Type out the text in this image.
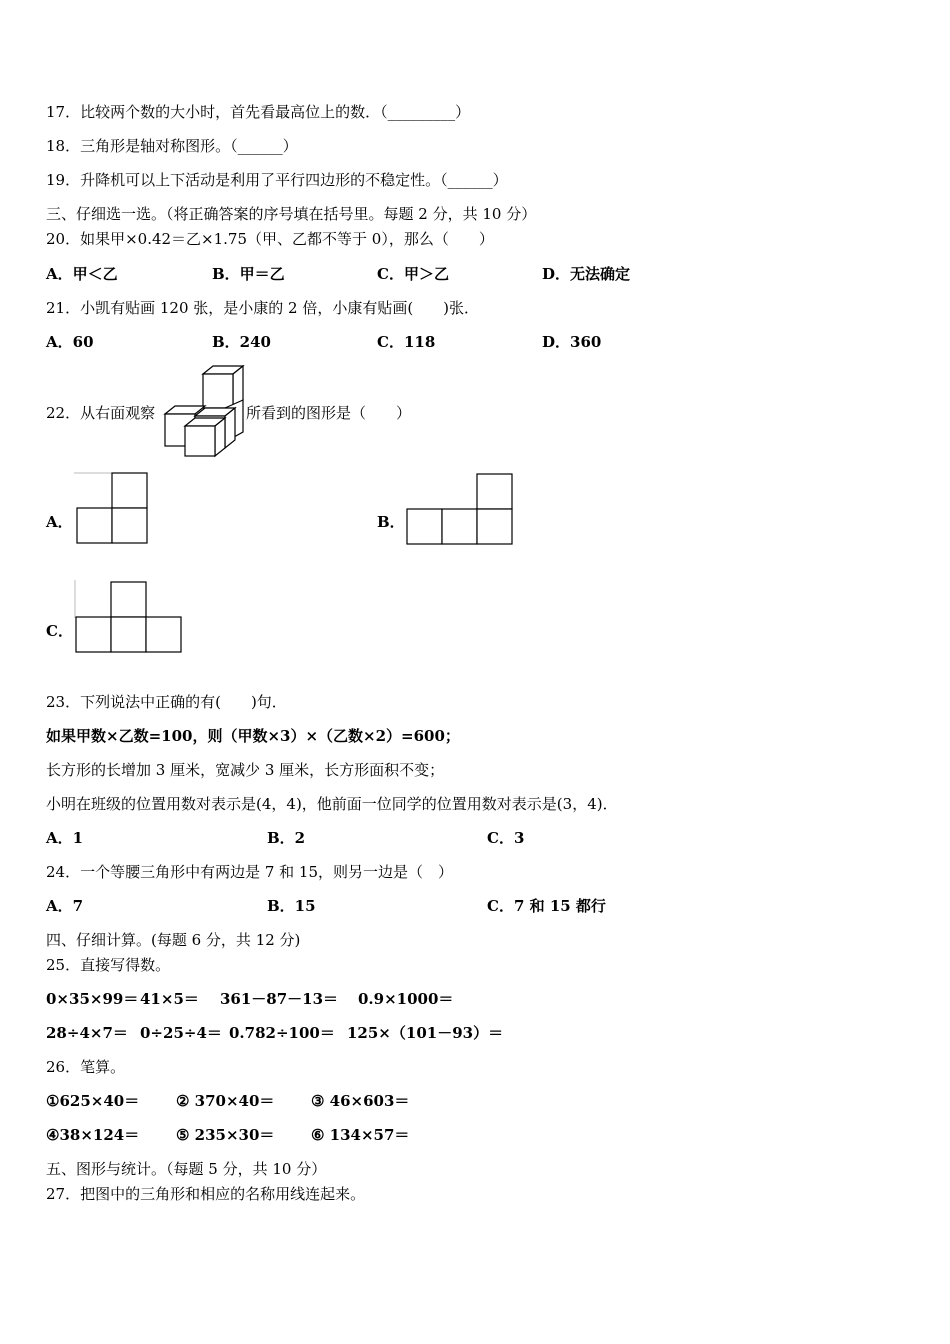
17．比较两个数的大小时，首先看最高位上的数．（_________）
18．三角形是轴对称图形。（______）
19．升降机可以上下活动是利用了平行四边形的不稳定性。（______）
三、仔细选一选。（将正确答案的序号填在括号里。每题 2 分，共 10 分）
20．如果甲×0.42＝乙×1.75（甲、乙都不等于 0），那么（　　）
A．甲＜乙	B．甲＝乙	C．甲＞乙	D．无法确定
21．小凯有贴画 120 张，是小康的 2 倍，小康有贴画(　　)张．
A．60	B．240	C．118	D．360
22．从右面观察	所看到的图形是（　　）
A．	B．
C．
23．下列说法中正确的有(　　)句．
如果甲数×乙数=100，则（甲数×3）×（乙数×2）=600；
长方形的长增加 3 厘米，宽减少 3 厘米，长方形面积不变；
小明在班级的位置用数对表示是(4，4)，他前面一位同学的位置用数对表示是(3，4)．
A．1	B．2	C．3
24．一个等腰三角形中有两边是 7 和 15，则另一边是（　）
A．7	B．15	C．7 和 15 都行
四、仔细计算。(每题 6 分，共 12 分)
25．直接写得数。
0×35×99＝ 41×5＝ 361－87－13＝ 0.9×1000＝
28÷4×7＝ 0÷25÷4＝ 0.782÷100＝ 125×（101－93）＝
26．笔算。
①625×40＝ ② 370×40＝ ③ 46×603＝
④38×124＝ ⑤ 235×30＝ ⑥ 134×57＝
五、图形与统计。（每题 5 分，共 10 分）
27．把图中的三角形和相应的名称用线连起来。
